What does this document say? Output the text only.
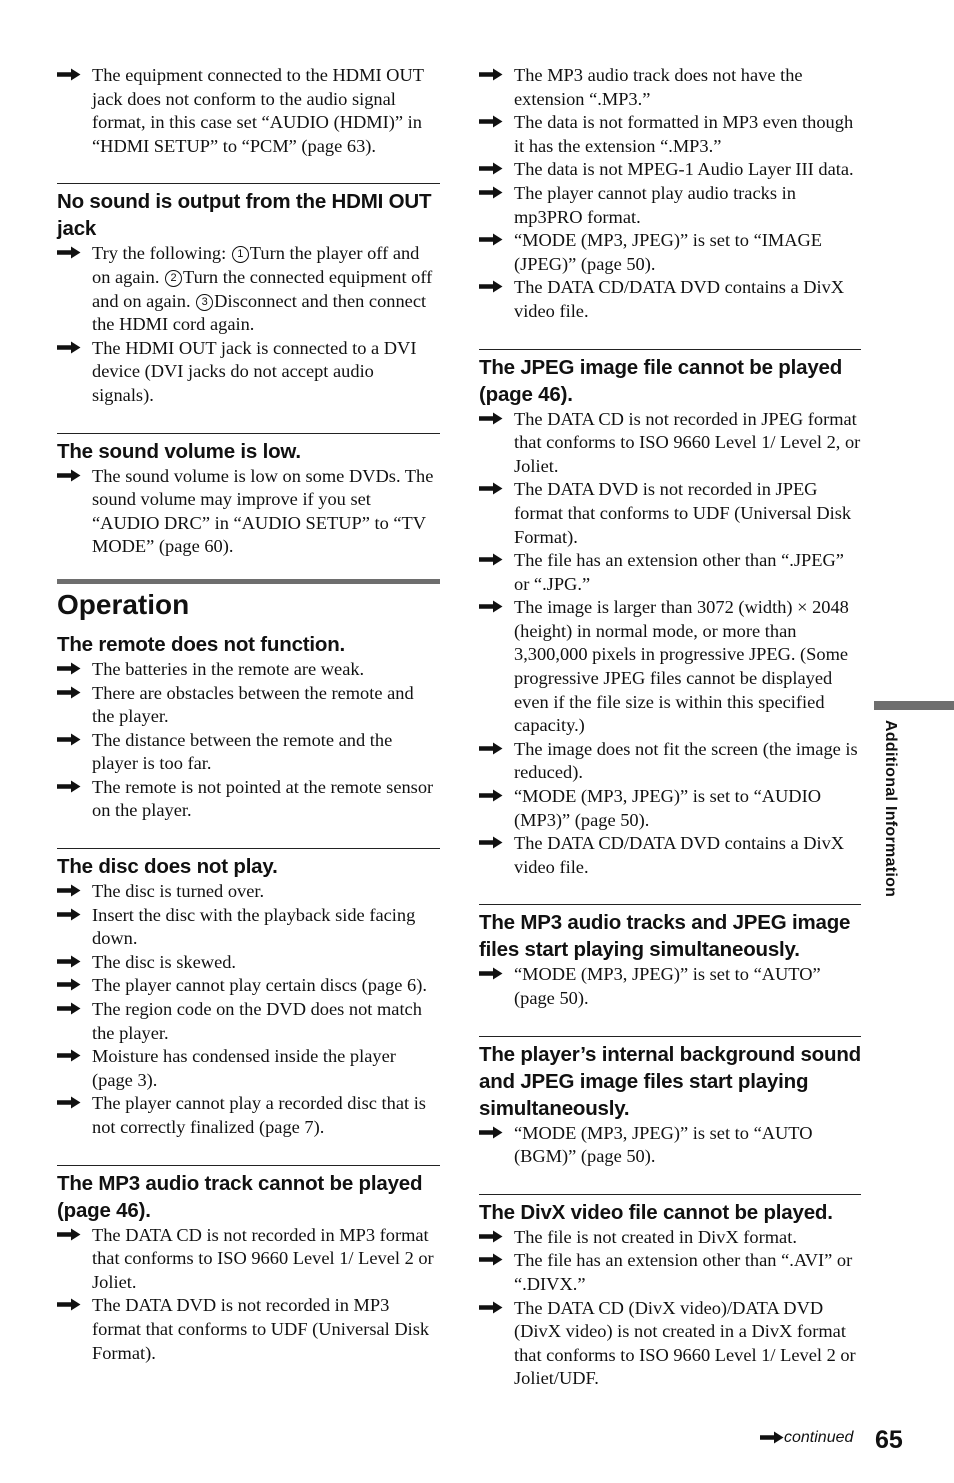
The equipment connected to the HDMI OUT jack does not conform to the audio signal format, in this case set “AUDIO (HDMI)” in “HDMI SETUP” to “PCM” (page 63).
No sound is output from the HDMI OUT jack
Try the following: 1 Turn the player off and on again. 2 Turn the connected equipment off and on again. 3 Disconnect and then connect the HDMI cord again.
The HDMI OUT jack is connected to a DVI device (DVI jacks do not accept audio signals).
The sound volume is low.
The sound volume is low on some DVDs. The sound volume may improve if you set “AUDIO DRC” in “AUDIO SETUP” to “TV MODE” (page 60).
Operation
The remote does not function.
The batteries in the remote are weak.
There are obstacles between the remote and the player.
The distance between the remote and the player is too far.
The remote is not pointed at the remote sensor on the player.
The disc does not play.
The disc is turned over.
Insert the disc with the playback side facing down.
The disc is skewed.
The player cannot play certain discs (page 6).
The region code on the DVD does not match the player.
Moisture has condensed inside the player (page 3).
The player cannot play a recorded disc that is not correctly finalized (page 7).
The MP3 audio track cannot be played (page 46).
The DATA CD is not recorded in MP3 format that conforms to ISO 9660 Level 1/ Level 2 or Joliet.
The DATA DVD is not recorded in MP3 format that conforms to UDF (Universal Disk Format).
The MP3 audio track does not have the extension “.MP3.”
The data is not formatted in MP3 even though it has the extension “.MP3.”
The data is not MPEG-1 Audio Layer III data.
The player cannot play audio tracks in mp3PRO format.
“MODE (MP3, JPEG)” is set to “IMAGE (JPEG)” (page 50).
The DATA CD/DATA DVD contains a DivX video file.
The JPEG image file cannot be played (page 46).
The DATA CD is not recorded in JPEG format that conforms to ISO 9660 Level 1/ Level 2, or Joliet.
The DATA DVD is not recorded in JPEG format that conforms to UDF (Universal Disk Format).
The file has an extension other than “.JPEG” or “.JPG.”
The image is larger than 3072 (width) × 2048 (height) in normal mode, or more than 3,300,000 pixels in progressive JPEG. (Some progressive JPEG files cannot be displayed even if the file size is within this specified capacity.)
The image does not fit the screen (the image is reduced).
“MODE (MP3, JPEG)” is set to “AUDIO (MP3)” (page 50).
The DATA CD/DATA DVD contains a DivX video file.
The MP3 audio tracks and JPEG image files start playing simultaneously.
“MODE (MP3, JPEG)” is set to “AUTO” (page 50).
The player’s internal background sound and JPEG image files start playing simultaneously.
“MODE (MP3, JPEG)” is set to “AUTO (BGM)” (page 50).
The DivX video file cannot be played.
The file is not created in DivX format.
The file has an extension other than “.AVI” or “.DIVX.”
The DATA CD (DivX video)/DATA DVD (DivX video) is not created in a DivX format that conforms to ISO 9660 Level 1/ Level 2 or Joliet/UDF.
Additional Information
continued 65
